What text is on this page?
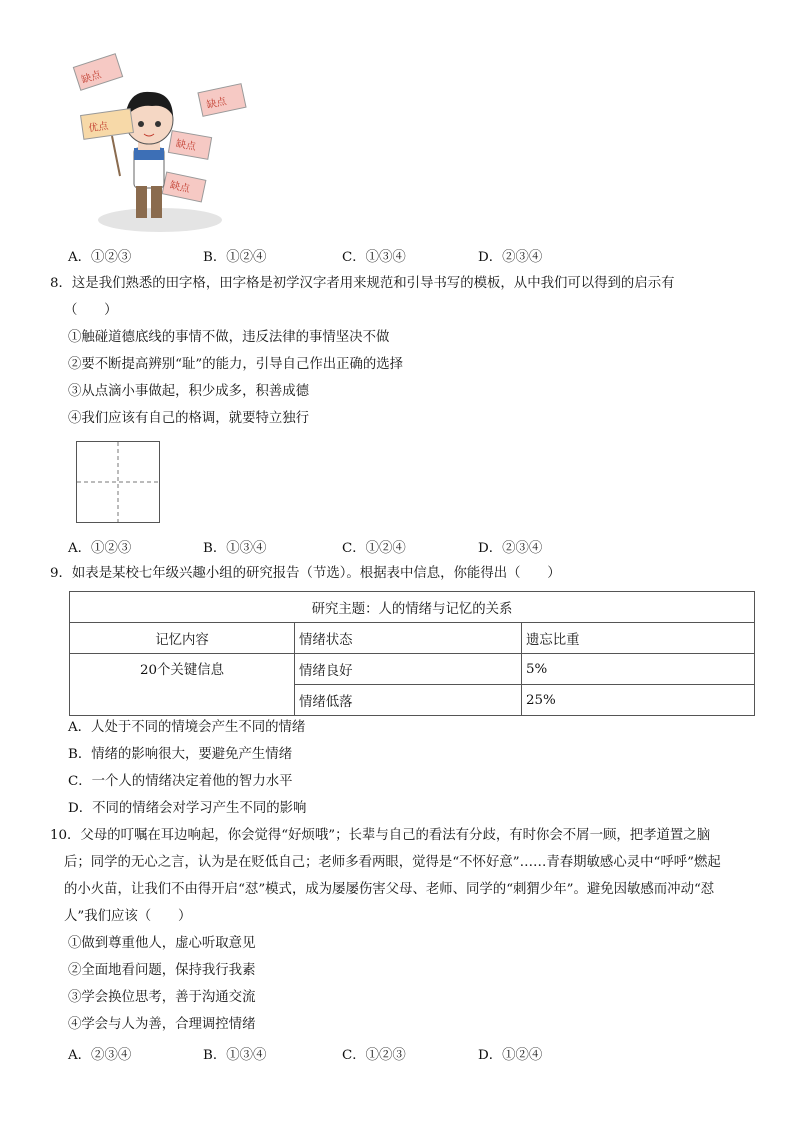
缺点
缺点
缺点
缺点
优点
A．①②③	B．①②④	C．①③④	D．②③④
8．这是我们熟悉的田字格，田字格是初学汉字者用来规范和引导书写的模板，从中我们可以得到的启示有
（　　）
①触碰道德底线的事情不做，违反法律的事情坚决不做
②要不断提高辨别“耻”的能力，引导自己作出正确的选择
③从点滴小事做起，积少成多，积善成德
④我们应该有自己的格调，就要特立独行
A．①②③	B．①③④	C．①②④	D．②③④
9．如表是某校七年级兴趣小组的研究报告（节选）。根据表中信息，你能得出（　　）
研究主题：人的情绪与记忆的关系		
记忆内容	情绪状态	遗忘比重
20个关键信息	情绪良好	5%
	情绪低落	25%
A．人处于不同的情境会产生不同的情绪
B．情绪的影响很大，要避免产生情绪
C．一个人的情绪决定着他的智力水平
D．不同的情绪会对学习产生不同的影响
10．父母的叮嘱在耳边响起，你会觉得“好烦哦”；长辈与自己的看法有分歧，有时你会不屑一顾，把孝道置之脑
后；同学的无心之言，认为是在贬低自己；老师多看两眼，觉得是“不怀好意”……青春期敏感心灵中“呼呼”燃起
的小火苗，让我们不由得开启“怼”模式，成为屡屡伤害父母、老师、同学的“刺猬少年”。避免因敏感而冲动“怼
人”我们应该（　　）
①做到尊重他人，虚心听取意见
②全面地看问题，保持我行我素
③学会换位思考，善于沟通交流
④学会与人为善，合理调控情绪
A．②③④	B．①③④	C．①②③	D．①②④
